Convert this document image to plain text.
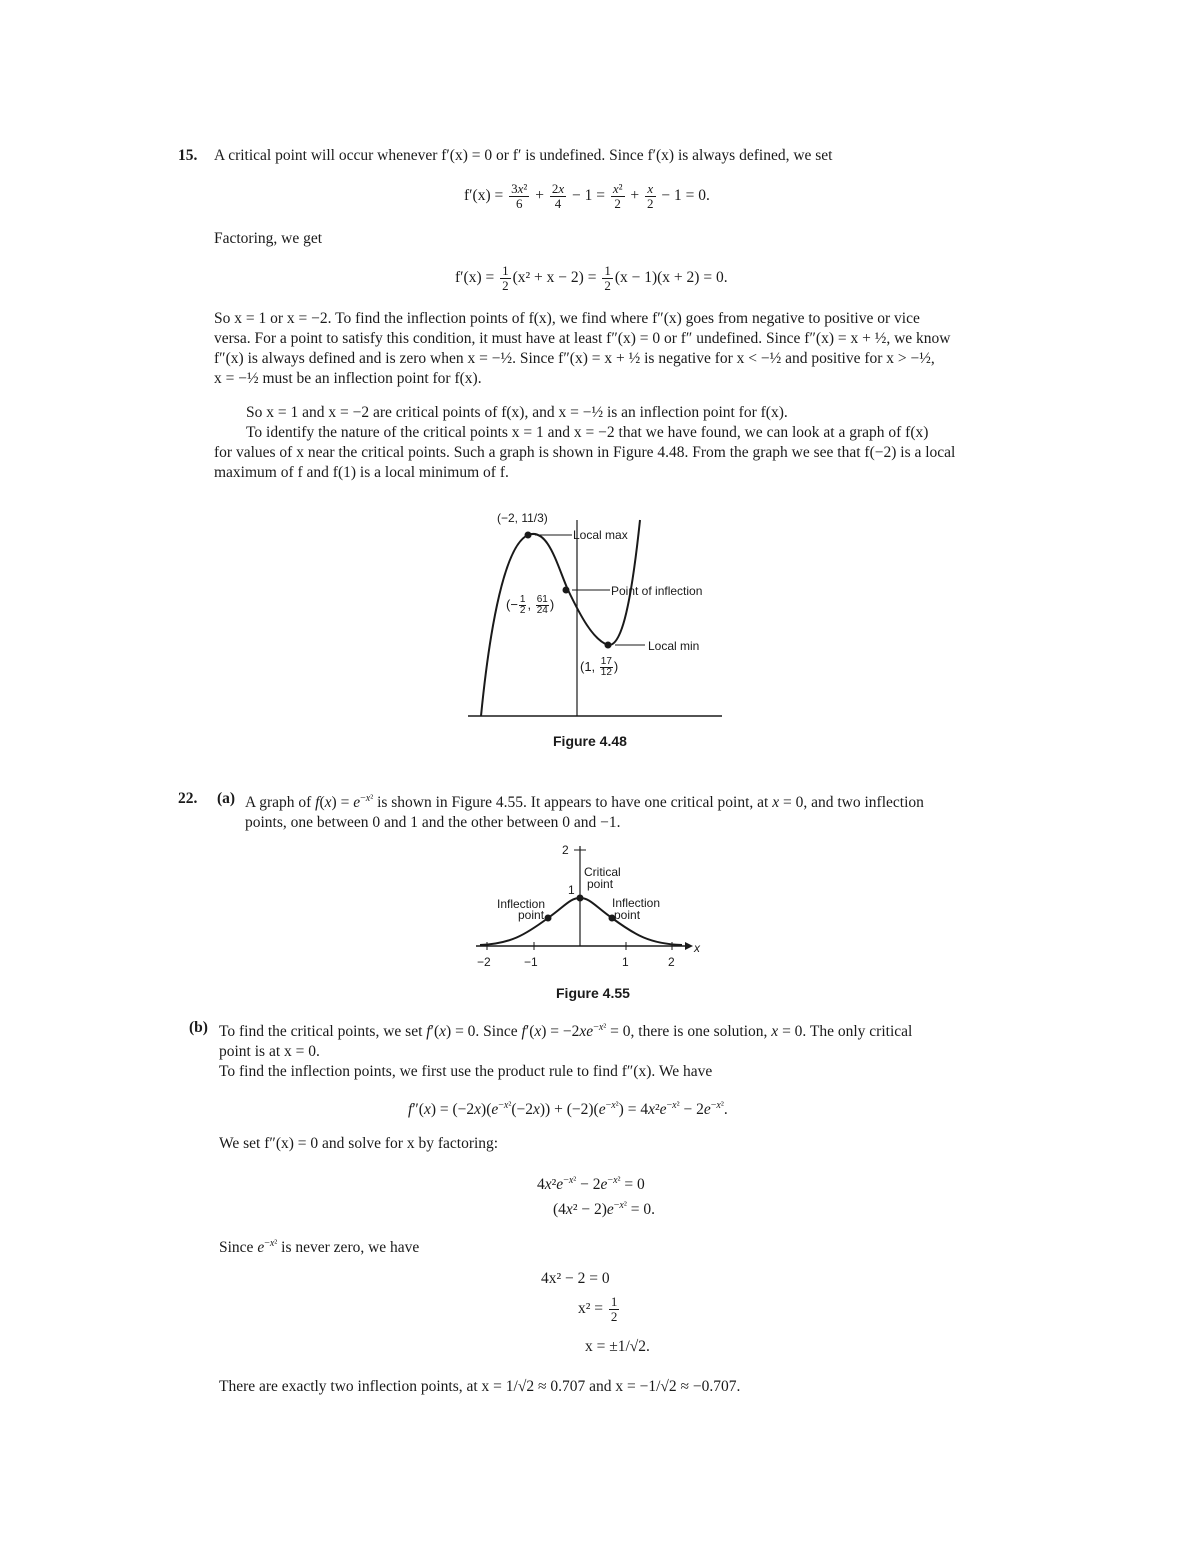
15. A critical point will occur whenever f′(x) = 0 or f′ is undefined. Since f′(x) is always defined, we set
$f'(x) = \frac{\text{3x²}}{6} + \frac{2x}{4} - 1 = \frac{\text{x²}}{2} + \frac{x}{2} - 1 = 0$.
Factoring, we get
$f'(x) = \frac{1}{2} (x^2 + x - 2) = \frac{1}{2} (x - 1)(x + 2) = 0$.
So x = 1 or x = −2. To find the inflection points of f(x), we find where f″(x) goes from negative to positive or vice
versa. For a point to satisfy this condition, it must have at least f″(x) = 0 or f″ undefined. Since f″(x) = x + ½, we know
f″(x) is always defined and is zero when x = −½. Since f″(x) = x + ½ is negative for x < −½ and positive for x > −½,
x = −½ must be an inflection point for f(x).
So x = 1 and x = −2 are critical points of f(x), and x = −½ is an inflection point for f(x).
To identify the nature of the critical points x = 1 and x = −2 that we have found, we can look at a graph of f(x)
for values of x near the critical points. Such a graph is shown in Figure 4.48. From the graph we see that f(−2) is a local
maximum of f and f(1) is a local minimum of f.
(−2, 11/3)
Local max
Point of inflection
Local min
(− $\frac{1}{2}$ , $\frac{61}{24}$ )
(1, $\frac{17}{12}$ )
Figure 4.48
22. (a) A graph of $f(x) = e^{-x^2}$ is shown in Figure 4.55. It appears to have one critical point, at x = 0, and two inflection
points, one between 0 and 1 and the other between 0 and −1.
2
1
−2	−1	1	2
x
Critical
point
Inflection
point
Inflection
point
Figure 4.55
(b) To find the critical points, we set f′(x) = 0. Since $f'(x) = -2xe^{-x^2} = 0$, there is one solution, x = 0. The only critical
point is at x = 0.
To find the inflection points, we first use the product rule to find f″(x). We have
$f''(x) = (-2x)(e^{-x^2}(-2x)) + (-2)(e^{-x^2}) = 4x^2e^{-x^2} - 2e^{-x^2}$.
We set f″(x) = 0 and solve for x by factoring:
$4x^2e^{-x^2} - 2e^{-x^2} = 0$
$(4x^2 - 2)e^{-x^2} = 0$.
Since $e^{-x^2}$ is never zero, we have
4x² − 2 = 0
$x^2 = \frac{1}{2}$
x = ±1/√2.
There are exactly two inflection points, at x = 1/√2 ≈ 0.707 and x = −1/√2 ≈ −0.707.
